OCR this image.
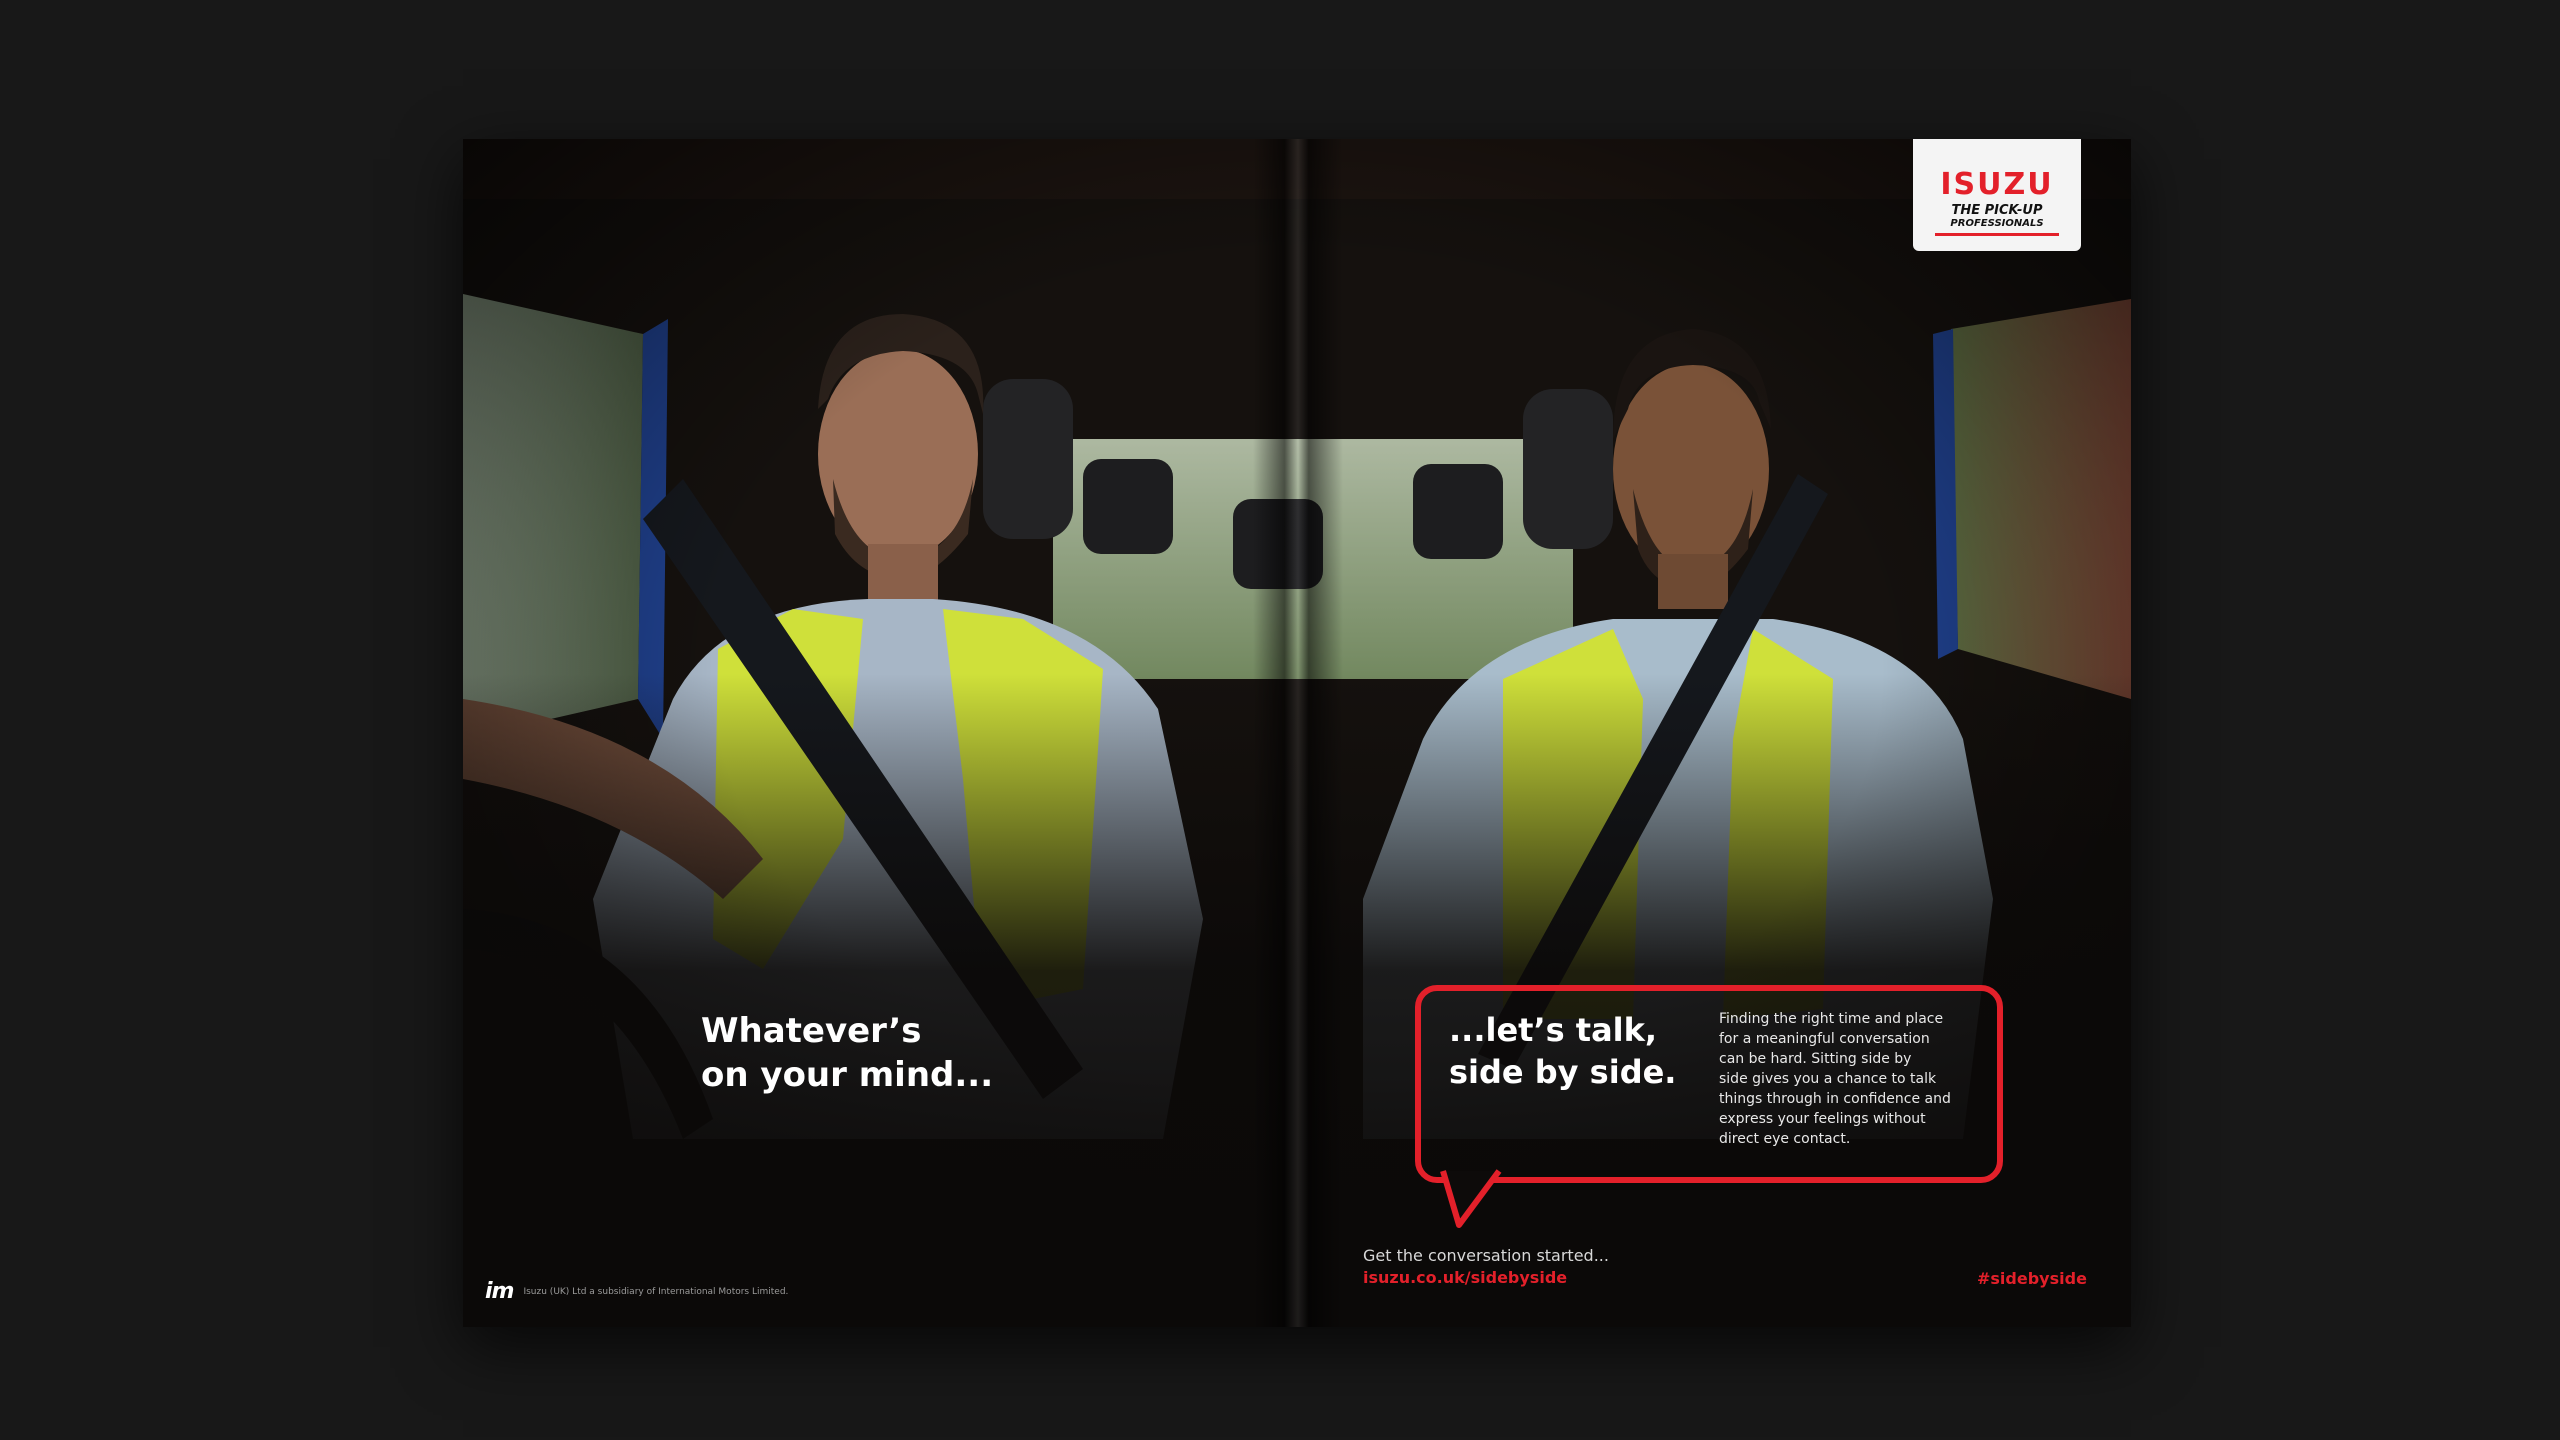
Whatever’s
on your mind...
...let’s talk,
side by side.
Finding the right time and place
for a meaningful conversation
can be hard. Sitting side by
side gives you a chance to talk
things through in confidence and
express your feelings without
direct eye contact.
Get the conversation started...
isuzu.co.uk/sidebyside	#sidebyside
im Isuzu (UK) Ltd a subsidiary of International Motors Limited.
ISUZU
THE PICK-UP
PROFESSIONALS
